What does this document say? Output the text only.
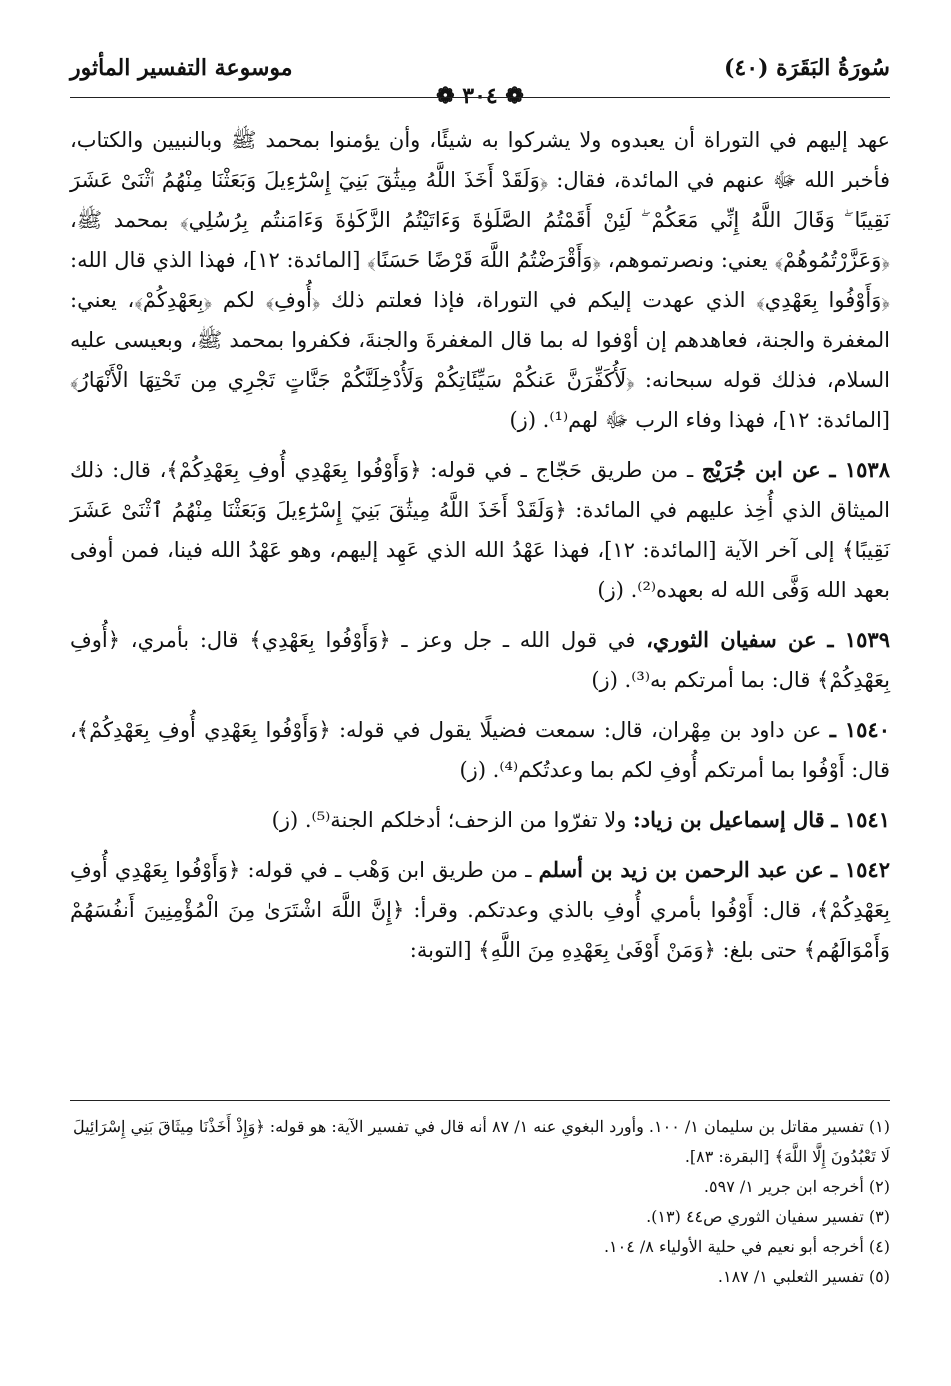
سُورَةُ البَقَرَة (٤٠)
❁ ٣٠٤ ❁
موسوعة التفسير المأثور

عهد إليهم في التوراة أن يعبدوه ولا يشركوا به شيئًا، وأن يؤمنوا بمحمد ﷺ وبالنبيين والكتاب، فأخبر الله ﷻ عنهم في المائدة، فقال: ﴿وَلَقَدْ أَخَذَ اللَّهُ مِيثَٰقَ بَنِيٓ إِسْرَٰٓءِيلَ وَبَعَثْنَا مِنْهُمُ ٱثْنَىْ عَشَرَ نَقِيبًا ۖ وَقَالَ اللَّهُ إِنِّي مَعَكُمْ ۖ لَئِنْ أَقَمْتُمُ الصَّلَوٰةَ وَءَاتَيْتُمُ الزَّكَوٰةَ وَءَامَنتُم بِرُسُلِي﴾ بمحمد ﷺ، ﴿وَعَزَّرْتُمُوهُمْ﴾ يعني: ونصرتموهم، ﴿وَأَقْرَضْتُمُ اللَّهَ قَرْضًا حَسَنًا﴾ [المائدة: ١٢]، فهذا الذي قال الله: ﴿وَأَوْفُوا بِعَهْدِي﴾ الذي عهدت إليكم في التوراة، فإذا فعلتم ذلك ﴿أُوفِ﴾ لكم ﴿بِعَهْدِكُمْ﴾، يعني: المغفرة والجنة، فعاهدهم إن أوْفوا له بما قال المغفرةَ والجنةَ، فكفروا بمحمد ﷺ، وبعيسى عليه السلام، فذلك قوله سبحانه: ﴿لَأُكَفِّرَنَّ عَنكُمْ سَيِّئَاتِكُمْ وَلَأُدْخِلَنَّكُمْ جَنَّاتٍ تَجْرِي مِن تَحْتِهَا الْأَنْهَارُ﴾ [المائدة: ١٢]، فهذا وفاء الرب ﷻ لهم⁽¹⁾. (ز)

١٥٣٨ ـ عن ابن جُرَيْج ـ من طريق حَجّاج ـ في قوله: ﴿وَأَوْفُوا بِعَهْدِي أُوفِ بِعَهْدِكُمْ﴾، قال: ذلك الميثاق الذي أُخِذ عليهم في المائدة: ﴿وَلَقَدْ أَخَذَ اللَّهُ مِيثَٰقَ بَنِيٓ إِسْرَٰٓءِيلَ وَبَعَثْنَا مِنْهُمُ ٱثْنَىْ عَشَرَ نَقِيبًا﴾ إلى آخر الآية [المائدة: ١٢]، فهذا عَهْدُ الله الذي عَهِد إليهم، وهو عَهْدُ الله فينا، فمن أوفى بعهد الله وَفَّى الله له بعهده⁽²⁾. (ز)

١٥٣٩ ـ عن سفيان الثوري، في قول الله ـ جل وعز ـ ﴿وَأَوْفُوا بِعَهْدِي﴾ قال: بأمري، ﴿أُوفِ بِعَهْدِكُمْ﴾ قال: بما أمرتكم به⁽³⁾. (ز)

١٥٤٠ ـ عن داود بن مِهْران، قال: سمعت فضيلًا يقول في قوله: ﴿وَأَوْفُوا بِعَهْدِي أُوفِ بِعَهْدِكُمْ﴾، قال: أَوْفُوا بما أمرتكم أُوفِ لكم بما وعدتُكم⁽⁴⁾. (ز)

١٥٤١ ـ قال إسماعيل بن زياد: ولا تفرّوا من الزحف؛ أدخلكم الجنة⁽⁵⁾. (ز)

١٥٤٢ ـ عن عبد الرحمن بن زيد بن أسلم ـ من طريق ابن وَهْب ـ في قوله: ﴿وَأَوْفُوا بِعَهْدِي أُوفِ بِعَهْدِكُمْ﴾، قال: أَوْفُوا بأمري أُوفِ بالذي وعدتكم. وقرأ: ﴿إِنَّ اللَّهَ اشْتَرَىٰ مِنَ الْمُؤْمِنِينَ أَنفُسَهُمْ وَأَمْوَالَهُم﴾ حتى بلغ: ﴿وَمَنْ أَوْفَىٰ بِعَهْدِهِ مِنَ اللَّهِ﴾ [التوبة:

(١) تفسير مقاتل بن سليمان ١/ ١٠٠. وأورد البغوي عنه ١/ ٨٧ أنه قال في تفسير الآية: هو قوله: ﴿وَإِذْ أَخَذْنَا مِيثَاقَ بَنِي إِسْرَائِيلَ لَا تَعْبُدُونَ إِلَّا اللَّهَ﴾ [البقرة: ٨٣].
(٢) أخرجه ابن جرير ١/ ٥٩٧.
(٣) تفسير سفيان الثوري ص٤٤ (١٣).
(٤) أخرجه أبو نعيم في حلية الأولياء ٨/ ١٠٤.
(٥) تفسير الثعلبي ١/ ١٨٧.
